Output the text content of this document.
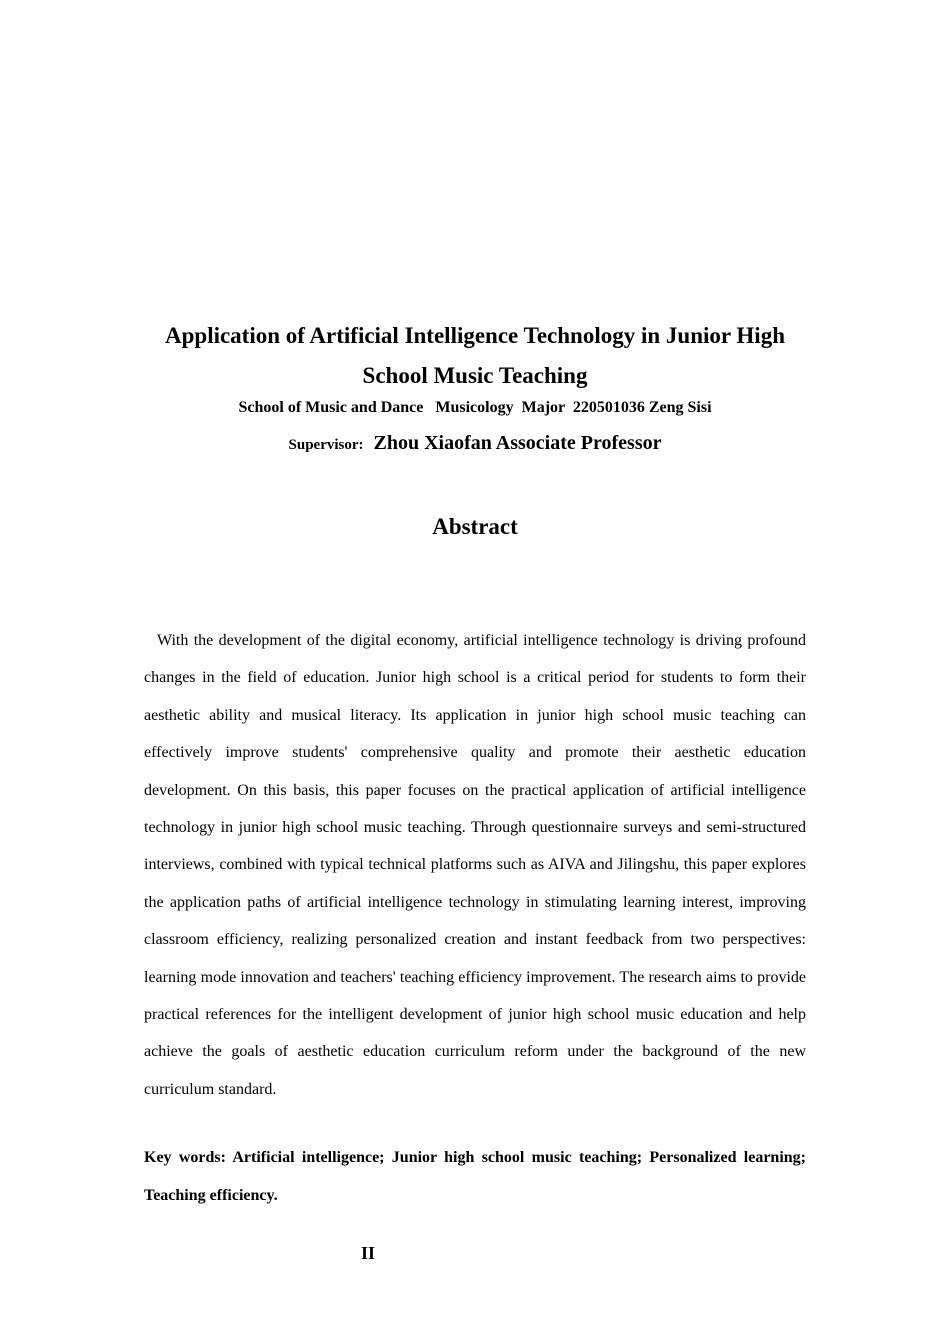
Application of Artificial Intelligence Technology in Junior High School Music Teaching

School of Music and Dance   Musicology  Major  220501036 Zeng Sisi

Supervisor: Zhou Xiaofan Associate Professor

Abstract

With the development of the digital economy, artificial intelligence technology is driving profound changes in the field of education. Junior high school is a critical period for students to form their aesthetic ability and musical literacy. Its application in junior high school music teaching can effectively improve students' comprehensive quality and promote their aesthetic education development. On this basis, this paper focuses on the practical application of artificial intelligence technology in junior high school music teaching. Through questionnaire surveys and semi-structured interviews, combined with typical technical platforms such as AIVA and Jilingshu, this paper explores the application paths of artificial intelligence technology in stimulating learning interest, improving classroom efficiency, realizing personalized creation and instant feedback from two perspectives: learning mode innovation and teachers' teaching efficiency improvement. The research aims to provide practical references for the intelligent development of junior high school music education and help achieve the goals of aesthetic education curriculum reform under the background of the new curriculum standard.

Key words: Artificial intelligence; Junior high school music teaching; Personalized learning; Teaching efficiency.

II
